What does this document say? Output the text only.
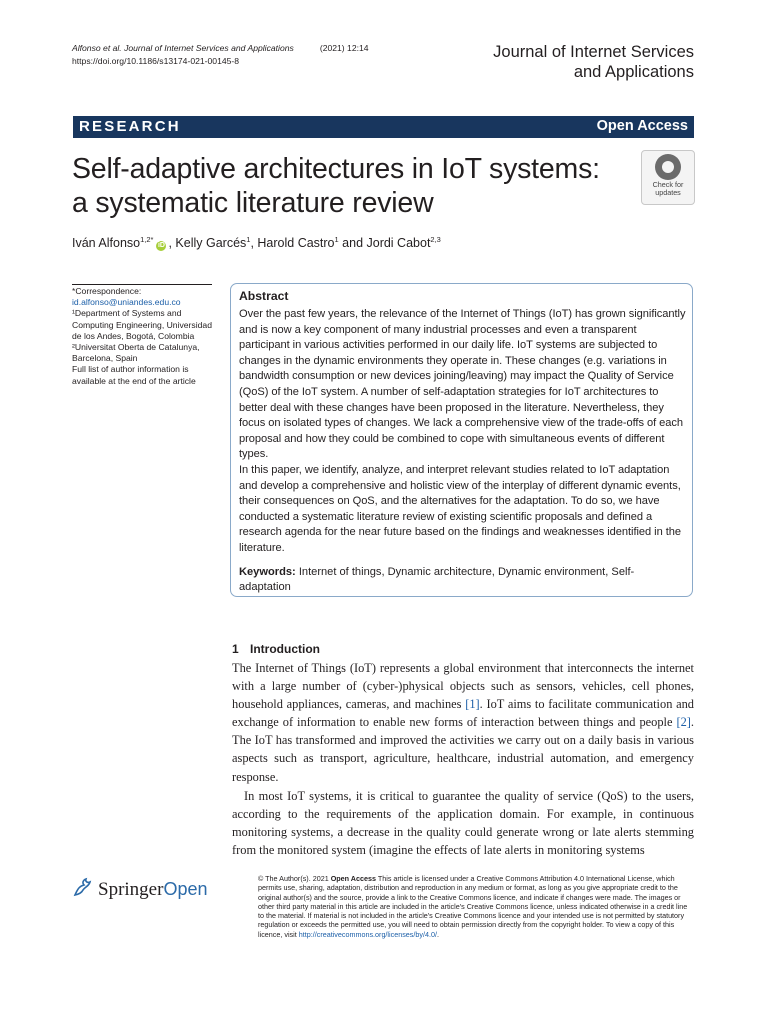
Alfonso et al. Journal of Internet Services and Applications	(2021) 12:14
https://doi.org/10.1186/s13174-021-00145-8	Journal of Internet Services
and Applications
RESEARCH	Open Access
Self-adaptive architectures in IoT systems: a systematic literature review
Check for
updates
Iván Alfonso$^{1,2*}$iD , Kelly Garcés$^1$, Harold Castro$^1$ and Jordi Cabot$^{2,3}$
*Correspondence:
id.alfonso@uniandes.edu.co
¹Department of Systems and Computing Engineering, Universidad de los Andes, Bogotá, Colombia
²Universitat Oberta de Catalunya, Barcelona, Spain
Full list of author information is available at the end of the article
Abstract
Over the past few years, the relevance of the Internet of Things (IoT) has grown significantly and is now a key component of many industrial processes and even a transparent participant in various activities performed in our daily life. IoT systems are subjected to changes in the dynamic environments they operate in. These changes (e.g. variations in bandwidth consumption or new devices joining/leaving) may impact the Quality of Service (QoS) of the IoT system. A number of self-adaptation strategies for IoT architectures to better deal with these changes have been proposed in the literature. Nevertheless, they focus on isolated types of changes. We lack a comprehensive view of the trade-offs of each proposal and how they could be combined to cope with simultaneous events of different types.
In this paper, we identify, analyze, and interpret relevant studies related to IoT adaptation and develop a comprehensive and holistic view of the interplay of different dynamic events, their consequences on QoS, and the alternatives for the adaptation. To do so, we have conducted a systematic literature review of existing scientific proposals and defined a research agenda for the near future based on the findings and weaknesses identified in the literature.
Keywords: Internet of things, Dynamic architecture, Dynamic environment, Self-adaptation
1 Introduction

The Internet of Things (IoT) represents a global environment that interconnects the internet with a large number of (cyber-)physical objects such as sensors, vehicles, cell phones, household appliances, cameras, and machines [1]. IoT aims to facilitate communication and exchange of information to enable new forms of interaction between things and people [2]. The IoT has transformed and improved the activities we carry out on a daily basis in various aspects such as transport, agriculture, healthcare, industrial automation, and emergency response.

In most IoT systems, it is critical to guarantee the quality of service (QoS) to the users, according to the requirements of the application domain. For example, in continuous monitoring systems, a decrease in the quality could generate wrong or late alerts stemming from the monitored system (imagine the effects of late alerts in monitoring systems

SpringerOpen
© The Author(s). 2021 Open Access This article is licensed under a Creative Commons Attribution 4.0 International License, which permits use, sharing, adaptation, distribution and reproduction in any medium or format, as long as you give appropriate credit to the original author(s) and the source, provide a link to the Creative Commons licence, and indicate if changes were made. The images or other third party material in this article are included in the article's Creative Commons licence, unless indicated otherwise in a credit line to the material. If material is not included in the article's Creative Commons licence and your intended use is not permitted by statutory regulation or exceeds the permitted use, you will need to obtain permission directly from the copyright holder. To view a copy of this licence, visit http://creativecommons.org/licenses/by/4.0/.
